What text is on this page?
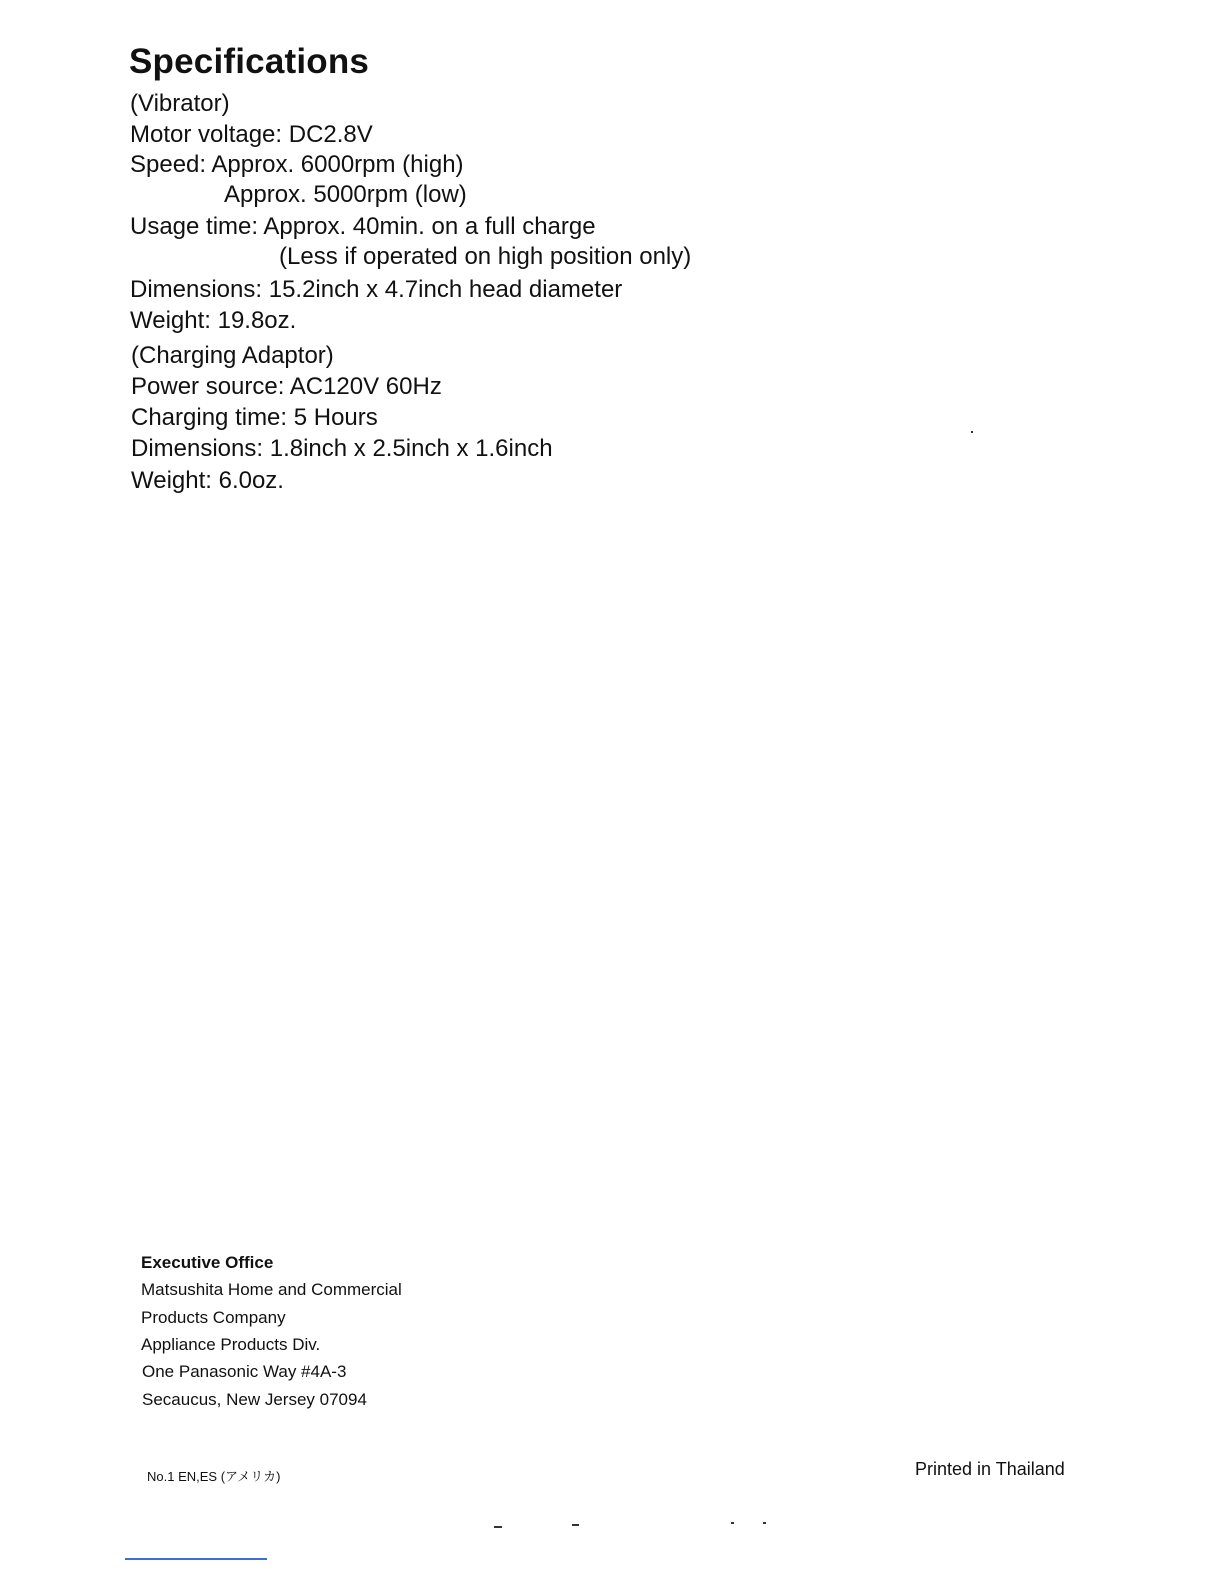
Specifications
(Vibrator)
Motor voltage: DC2.8V
Speed: Approx. 6000rpm (high)
Approx. 5000rpm (low)
Usage time: Approx. 40min. on a full charge
(Less if operated on high position only)
Dimensions: 15.2inch x 4.7inch head diameter
Weight: 19.8oz.
(Charging Adaptor)
Power source: AC120V 60Hz
Charging time: 5 Hours
Dimensions: 1.8inch x 2.5inch x 1.6inch
Weight: 6.0oz.
Executive Office
Matsushita Home and Commercial
Products Company
Appliance Products Div.
One Panasonic Way #4A-3
Secaucus, New Jersey 07094
No.1 EN,ES (アメリカ)	Printed in Thailand
